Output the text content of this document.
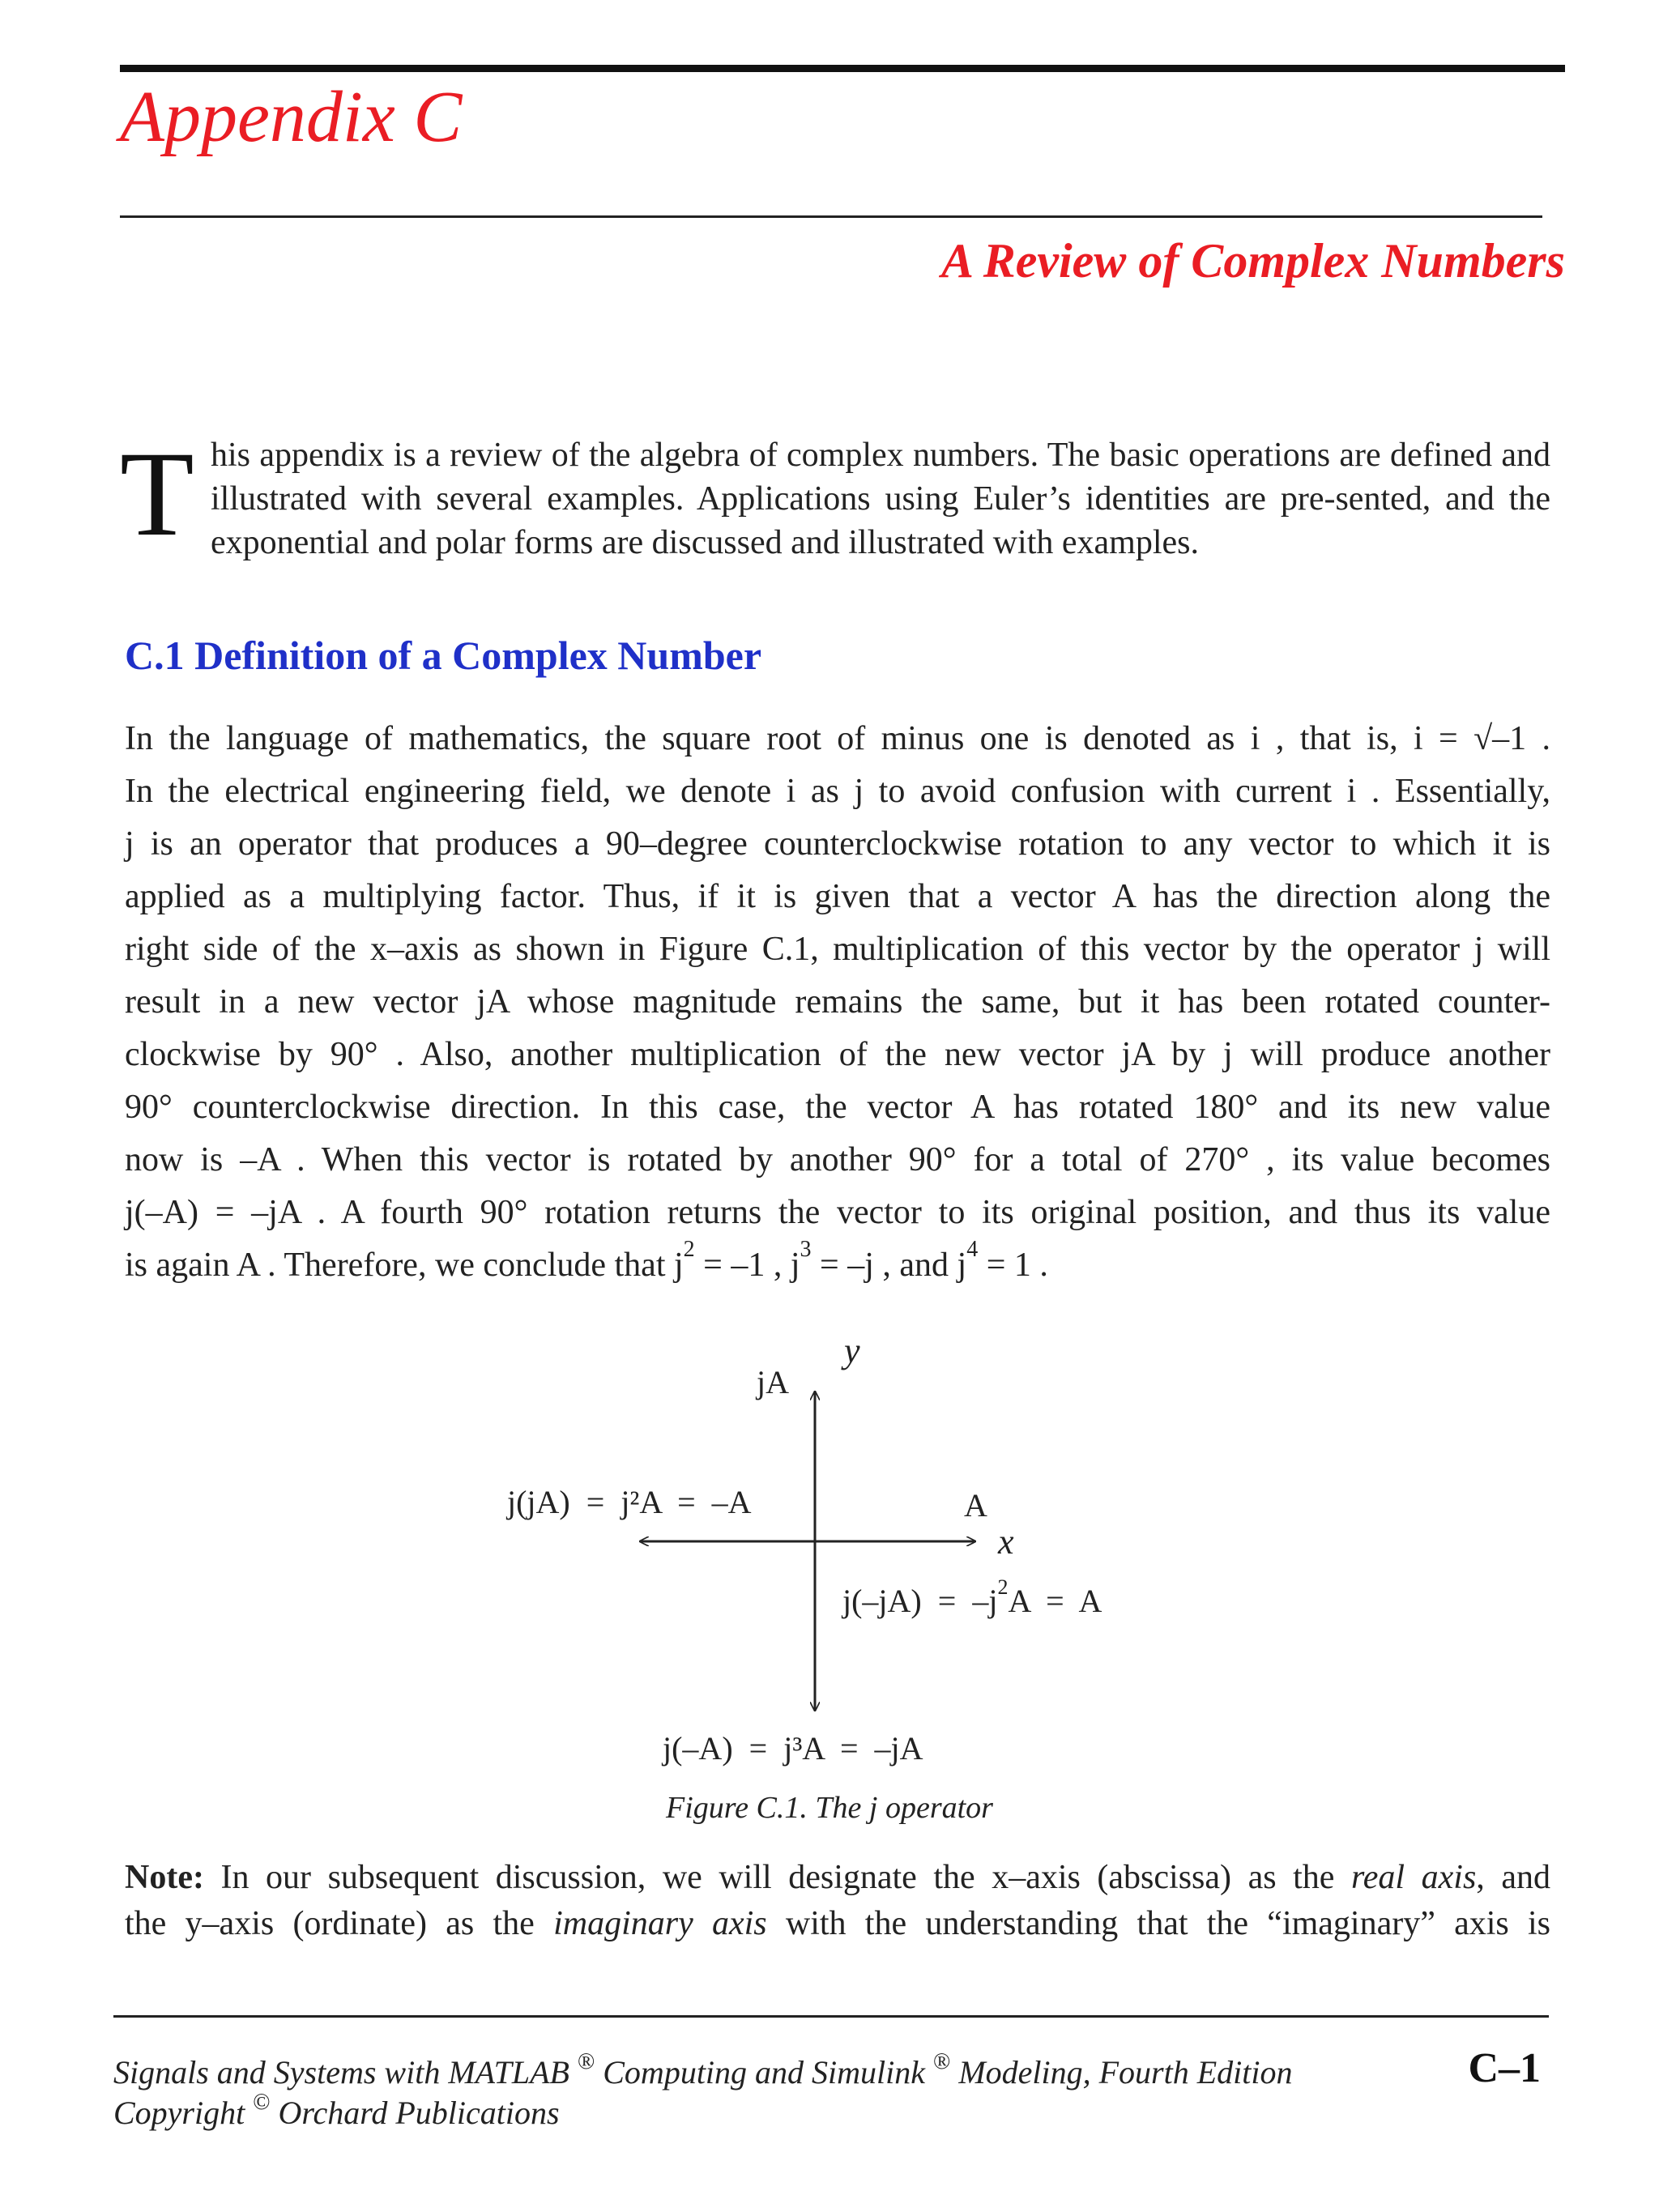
Appendix C
A Review of Complex Numbers
T his appendix is a review of the algebra of complex numbers. The basic operations are defined and illustrated with several examples. Applications using Euler’s identities are pre-sented, and the exponential and polar forms are discussed and illustrated with examples.
C.1 Definition of a Complex Number
In the language of mathematics, the square root of minus one is denoted as i , that is, i = √–1 .
In the electrical engineering field, we denote i as j to avoid confusion with current i . Essentially,
j is an operator that produces a 90–degree counterclockwise rotation to any vector to which it is
applied as a multiplying factor. Thus, if it is given that a vector A has the direction along the
right side of the x–axis as shown in Figure C.1, multiplication of this vector by the operator j will
result in a new vector jA whose magnitude remains the same, but it has been rotated counter-
clockwise by 90° . Also, another multiplication of the new vector jA by j will produce another
90° counterclockwise direction. In this case, the vector A has rotated 180° and its new value
now is –A . When this vector is rotated by another 90° for a total of 270° , its value becomes
j(–A) = –jA . A fourth 90° rotation returns the vector to its original position, and thus its value
is again A . Therefore, we conclude that $j^2 = -1$ , $j^3 = -j$ , and $j^4 = 1$ .
y
jA
A
x
j(jA)  =  j²A  =  –A
$j(-jA) = -j^2A = A$
j(–A)  =  j³A  =  –jA
Figure C.1. The j operator
Note: In our subsequent discussion, we will designate the x–axis (abscissa) as the real axis, and
the y–axis (ordinate) as the imaginary axis with the understanding that the “imaginary” axis is
Signals and Systems with MATLAB ® Computing and Simulink ® Modeling, Fourth Edition
Copyright © Orchard Publications
C–1
